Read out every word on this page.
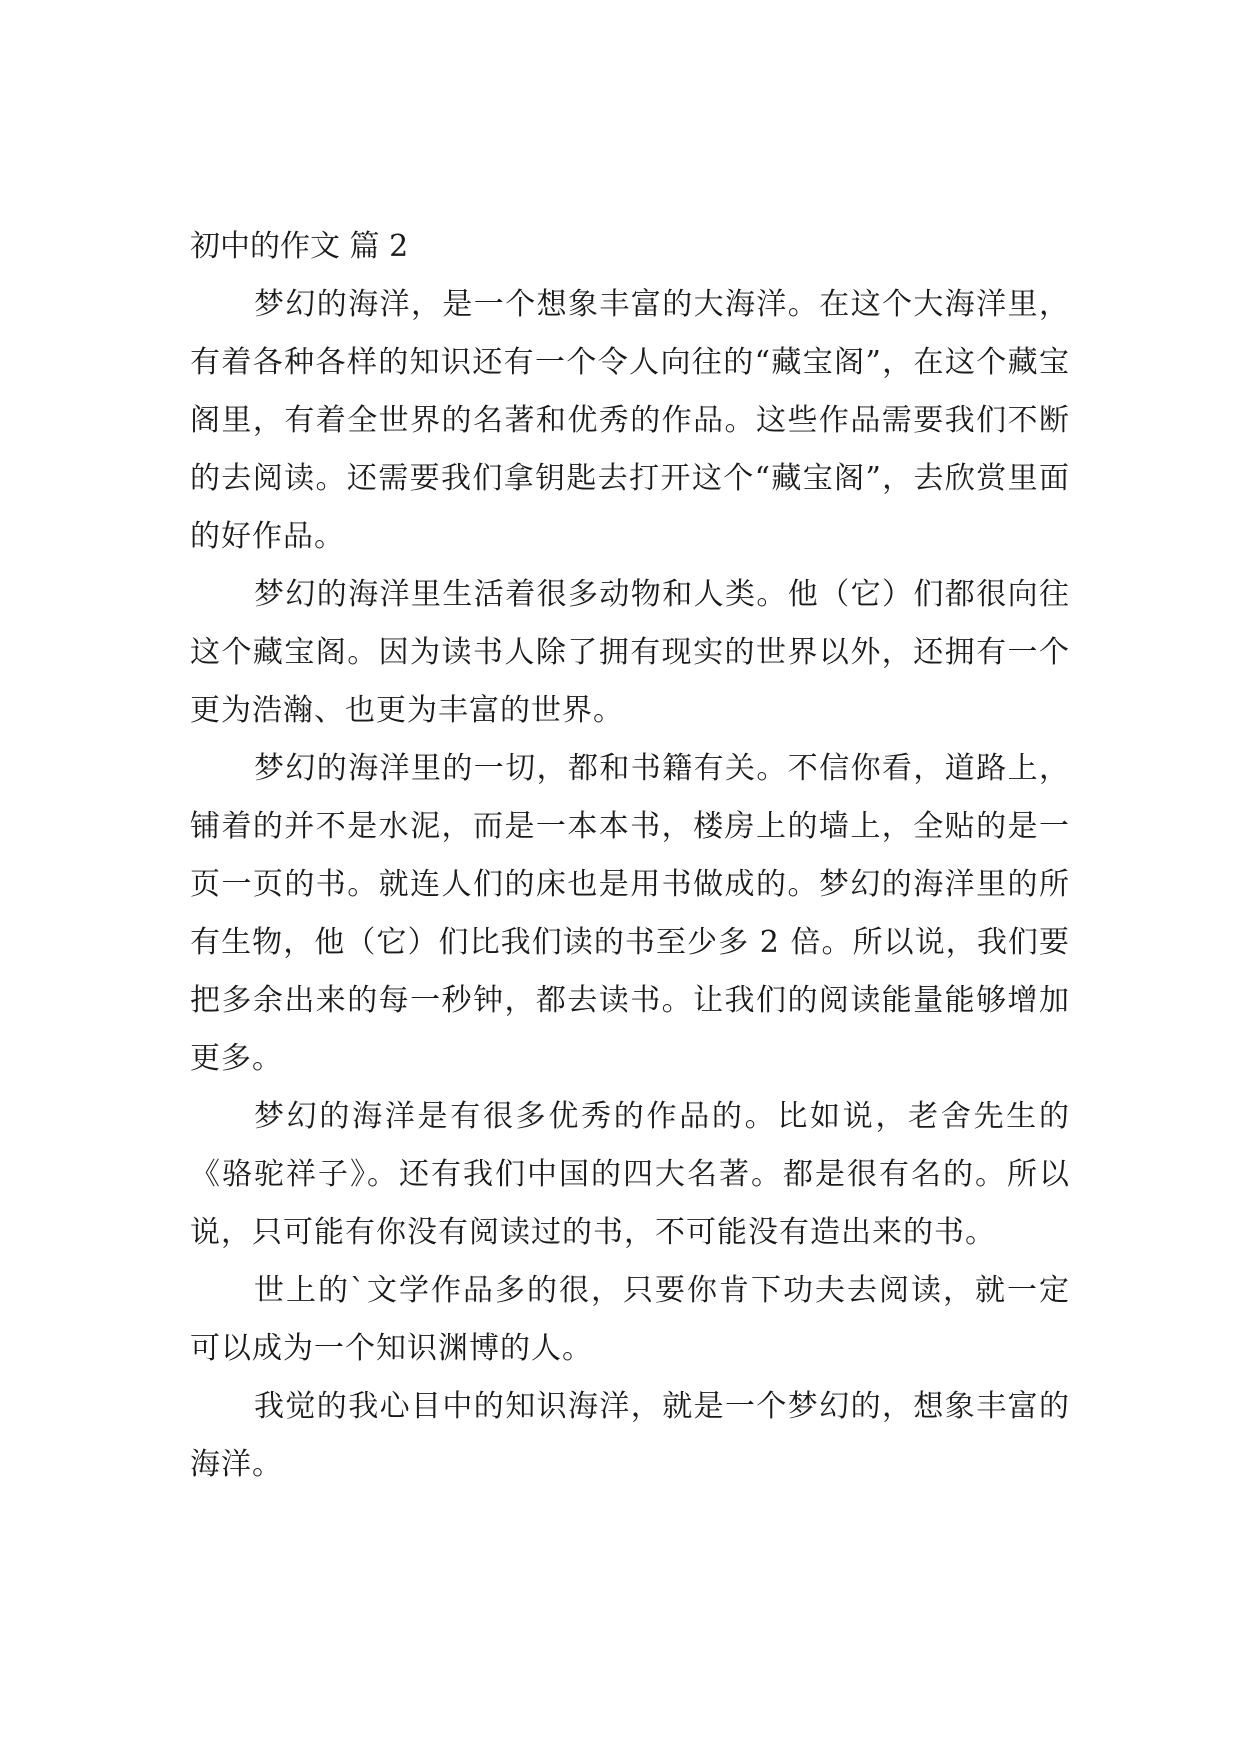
初中的作文 篇 2

梦幻的海洋，是一个想象丰富的大海洋。在这个大海洋里，有着各种各样的知识还有一个令人向往的“藏宝阁”，在这个藏宝阁里，有着全世界的名著和优秀的作品。这些作品需要我们不断的去阅读。还需要我们拿钥匙去打开这个“藏宝阁”，去欣赏里面的好作品。

梦幻的海洋里生活着很多动物和人类。他（它）们都很向往这个藏宝阁。因为读书人除了拥有现实的世界以外，还拥有一个更为浩瀚、也更为丰富的世界。

梦幻的海洋里的一切，都和书籍有关。不信你看，道路上，铺着的并不是水泥，而是一本本书，楼房上的墙上，全贴的是一页一页的书。就连人们的床也是用书做成的。梦幻的海洋里的所有生物，他（它）们比我们读的书至少多 2 倍。所以说，我们要把多余出来的每一秒钟，都去读书。让我们的阅读能量能够增加更多。

梦幻的海洋是有很多优秀的作品的。比如说，老舍先生的《骆驼祥子》。还有我们中国的四大名著。都是很有名的。所以说，只可能有你没有阅读过的书，不可能没有造出来的书。

世上的`文学作品多的很，只要你肯下功夫去阅读，就一定可以成为一个知识渊博的人。

我觉的我心目中的知识海洋，就是一个梦幻的，想象丰富的海洋。
